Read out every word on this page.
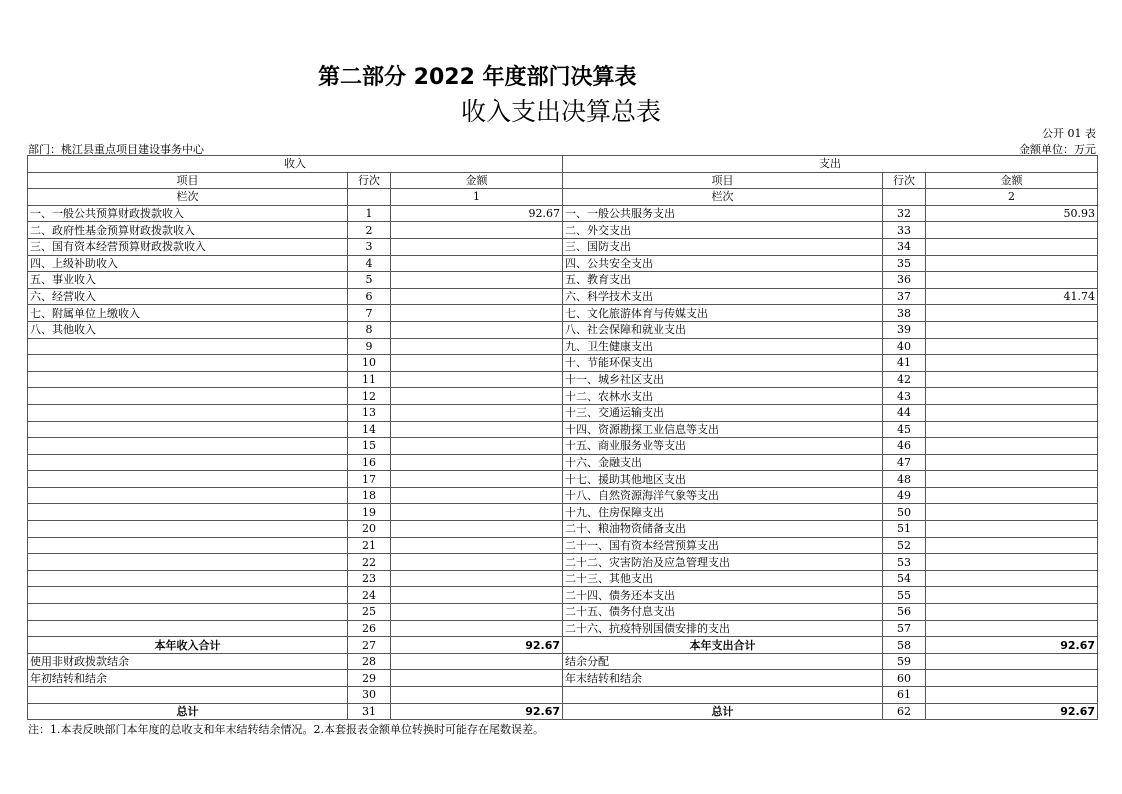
第二部分 2022 年度部门决算表
收入支出决算总表
公开 01 表
部门：桃江县重点项目建设事务中心	金额单位：万元
收入			支出		
项目	行次	金额	项目	行次	金额
栏次		1	栏次		2
一、一般公共预算财政拨款收入	1	92.67	一、一般公共服务支出	32	50.93
二、政府性基金预算财政拨款收入	2		二、外交支出	33	
三、国有资本经营预算财政拨款收入	3		三、国防支出	34	
四、上级补助收入	4		四、公共安全支出	35	
五、事业收入	5		五、教育支出	36	
六、经营收入	6		六、科学技术支出	37	41.74
七、附属单位上缴收入	7		七、文化旅游体育与传媒支出	38	
八、其他收入	8		八、社会保障和就业支出	39	
	9		九、卫生健康支出	40	
	10		十、节能环保支出	41	
	11		十一、城乡社区支出	42	
	12		十二、农林水支出	43	
	13		十三、交通运输支出	44	
	14		十四、资源勘探工业信息等支出	45	
	15		十五、商业服务业等支出	46	
	16		十六、金融支出	47	
	17		十七、援助其他地区支出	48	
	18		十八、自然资源海洋气象等支出	49	
	19		十九、住房保障支出	50	
	20		二十、粮油物资储备支出	51	
	21		二十一、国有资本经营预算支出	52	
	22		二十二、灾害防治及应急管理支出	53	
	23		二十三、其他支出	54	
	24		二十四、债务还本支出	55	
	25		二十五、债务付息支出	56	
	26		二十六、抗疫特别国债安排的支出	57	
本年收入合计	27	92.67	本年支出合计	58	92.67
使用非财政拨款结余	28		结余分配	59	
年初结转和结余	29		年末结转和结余	60	
	30			61	
总计	31	92.67	总计	62	92.67
注：1.本表反映部门本年度的总收支和年末结转结余情况。2.本套报表金额单位转换时可能存在尾数误差。
